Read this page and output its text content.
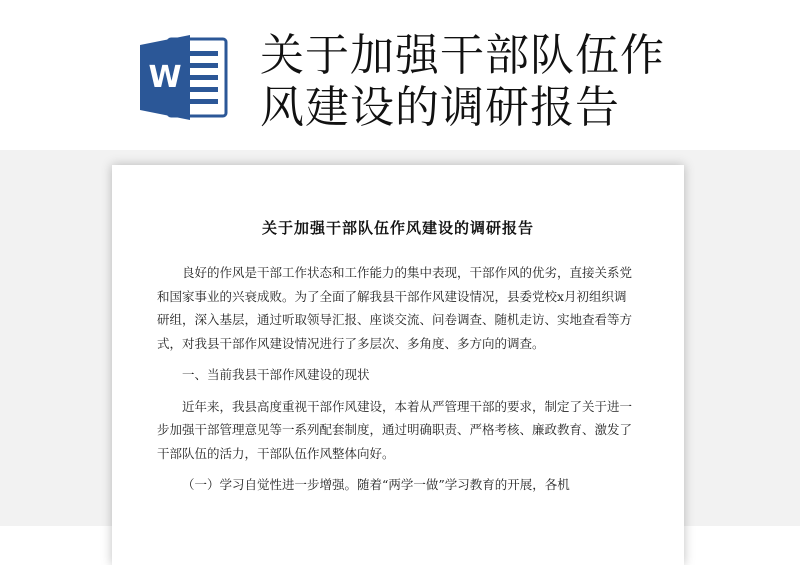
W 关于加强干部队伍作
风建设的调研报告
关于加强干部队伍作风建设的调研报告

良好的作风是干部工作状态和工作能力的集中表现，干部作风的优劣，直接关系党和国家事业的兴衰成败。为了全面了解我县干部作风建设情况，县委党校x月初组织调研组，深入基层，通过听取领导汇报、座谈交流、问卷调查、随机走访、实地查看等方式，对我县干部作风建设情况进行了多层次、多角度、多方向的调查。

一、当前我县干部作风建设的现状

近年来，我县高度重视干部作风建设，本着从严管理干部的要求，制定了关于进一步加强干部管理意见等一系列配套制度，通过明确职责、严格考核、廉政教育、激发了干部队伍的活力，干部队伍作风整体向好。

（一）学习自觉性进一步增强。随着“两学一做”学习教育的开展，各机
